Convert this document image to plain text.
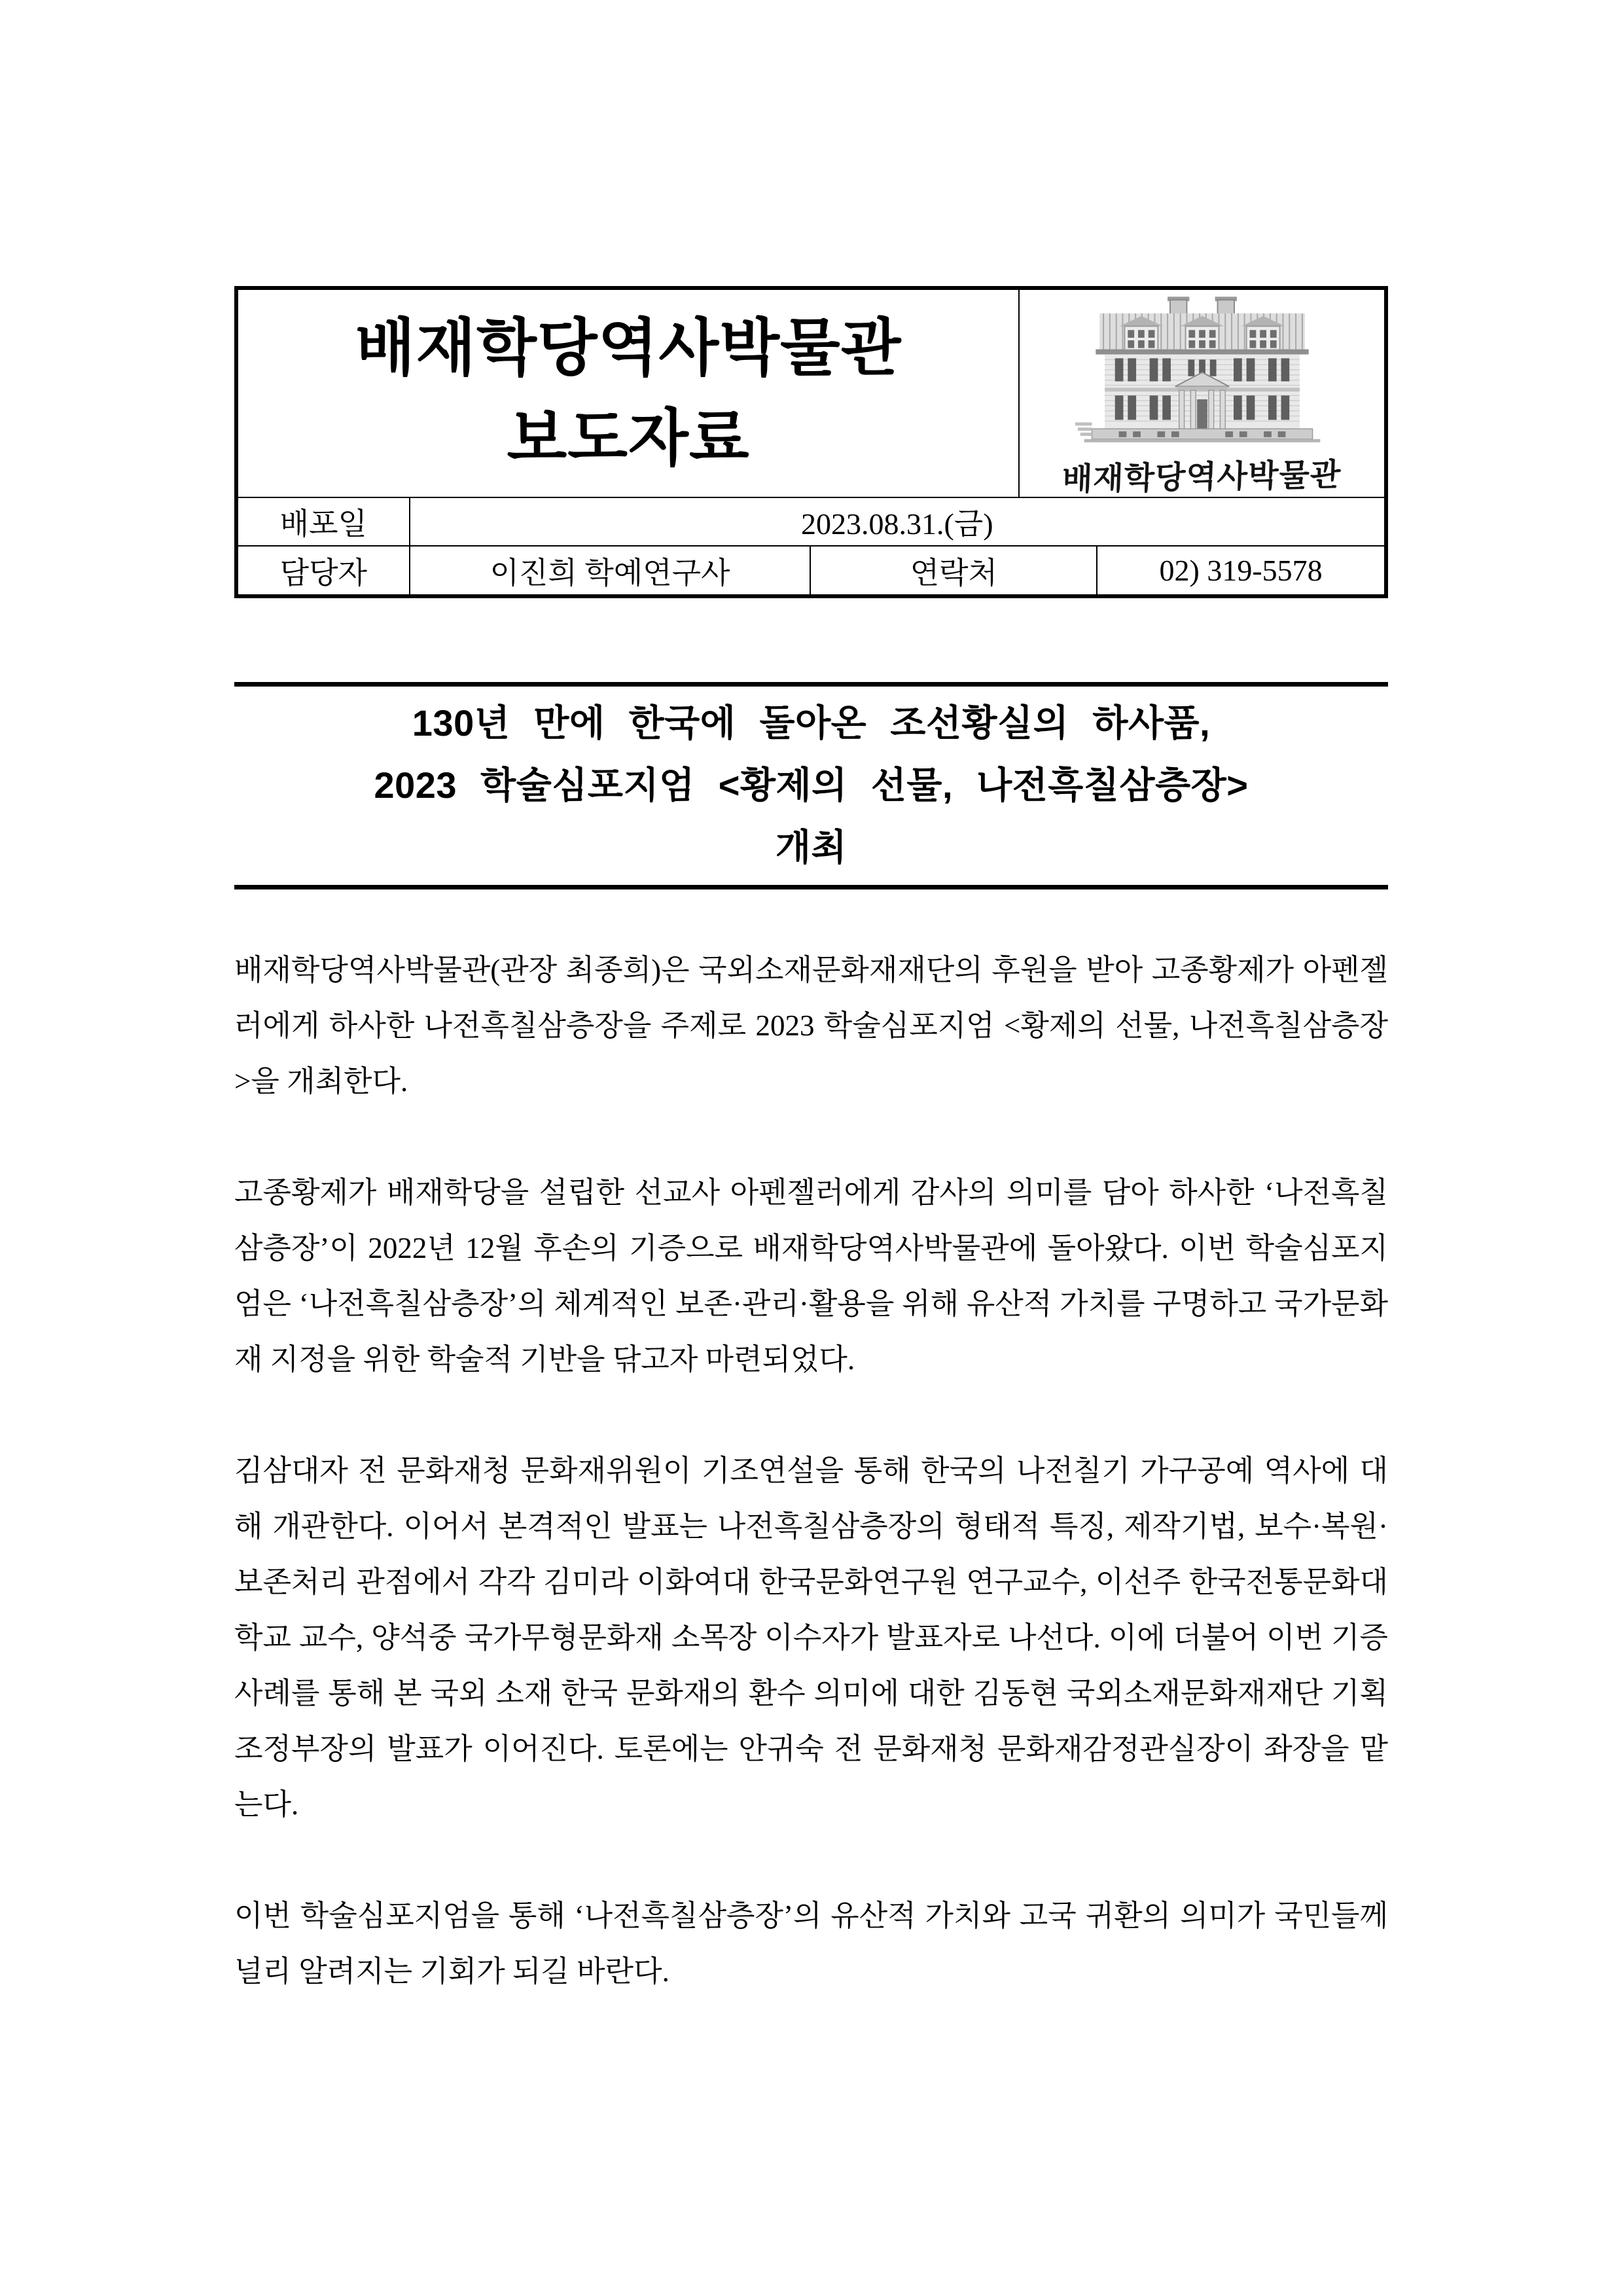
배재학당역사박물관
보도자료
배재학당역사박물관
배포일	2023.08.31.(금)
담당자	이진희 학예연구사	연락처	02) 319-5578
130년 만에 한국에 돌아온 조선황실의 하사품,
2023 학술심포지엄 <황제의 선물, 나전흑칠삼층장>
개최

배재학당역사박물관(관장 최종희)은 국외소재문화재재단의 후원을 받아 고종황제가 아펜젤러에게 하사한 나전흑칠삼층장을 주제로 2023 학술심포지엄 <황제의 선물, 나전흑칠삼층장>을 개최한다.

고종황제가 배재학당을 설립한 선교사 아펜젤러에게 감사의 의미를 담아 하사한 ‘나전흑칠삼층장’이 2022년 12월 후손의 기증으로 배재학당역사박물관에 돌아왔다. 이번 학술심포지엄은 ‘나전흑칠삼층장’의 체계적인 보존·관리·활용을 위해 유산적 가치를 구명하고 국가문화재 지정을 위한 학술적 기반을 닦고자 마련되었다.

김삼대자 전 문화재청 문화재위원이 기조연설을 통해 한국의 나전칠기 가구공예 역사에 대해 개관한다. 이어서 본격적인 발표는 나전흑칠삼층장의 형태적 특징, 제작기법, 보수·복원·보존처리 관점에서 각각 김미라 이화여대 한국문화연구원 연구교수, 이선주 한국전통문화대학교 교수, 양석중 국가무형문화재 소목장 이수자가 발표자로 나선다. 이에 더불어 이번 기증 사례를 통해 본 국외 소재 한국 문화재의 환수 의미에 대한 김동현 국외소재문화재재단 기획조정부장의 발표가 이어진다. 토론에는 안귀숙 전 문화재청 문화재감정관실장이 좌장을 맡는다.

이번 학술심포지엄을 통해 ‘나전흑칠삼층장’의 유산적 가치와 고국 귀환의 의미가 국민들께 널리 알려지는 기회가 되길 바란다.
